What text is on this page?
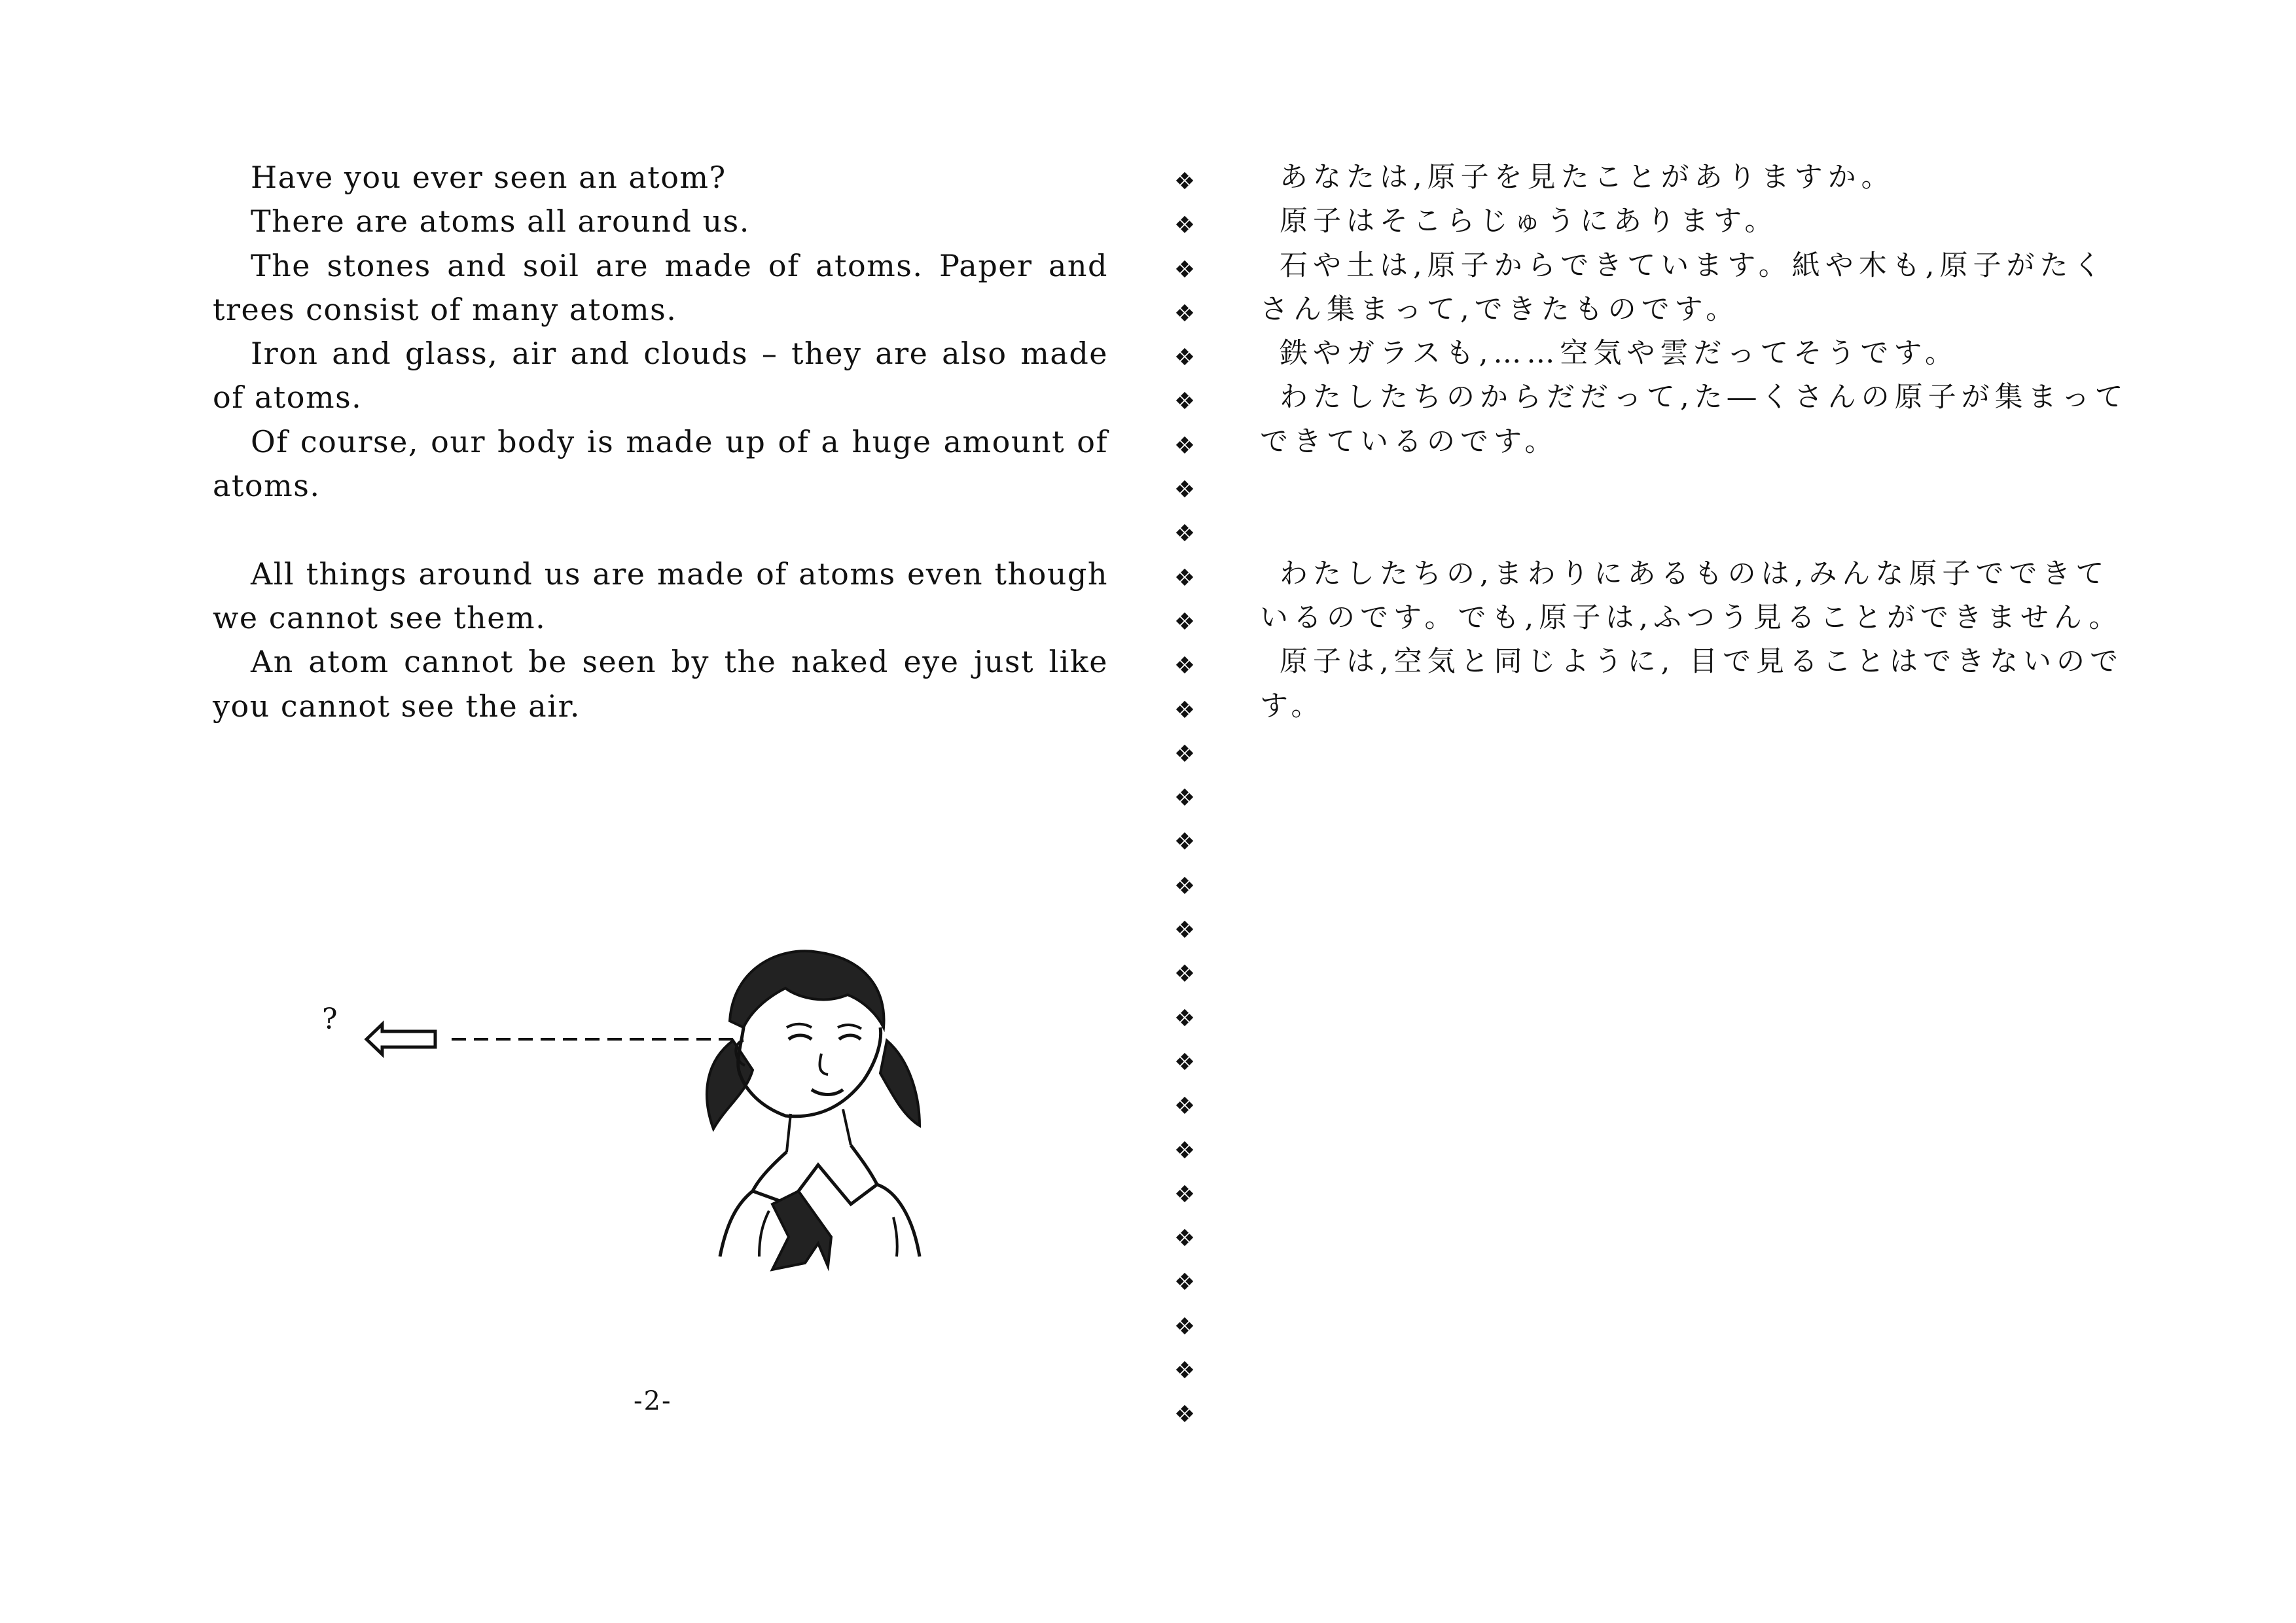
Have you ever seen an atom?

There are atoms all around us.

The stones and soil are made of atoms. Paper and trees consist of many atoms.

Iron and glass, air and clouds – they are also made of atoms.

Of course, our body is made up of a huge amount of atoms.

All things around us are made of atoms even though we cannot see them.

An atom cannot be seen by the naked eye just like you cannot see the air.

❖
❖
❖
❖
❖
❖
❖
❖
❖
❖
❖
❖
❖
❖
❖
❖
❖
❖
❖
❖
❖
❖
❖
❖
❖
❖
❖
❖
❖

あなたは,原子を見たことがありますか。

原子はそこらじゅうにあります。

石や土は,原子からできています。紙や木も,原子がたくさん集まって,できたものです。

鉄やガラスも,……空気や雲だってそうです。

わたしたちのからだだって,た―くさんの原子が集まってできているのです。

わたしたちの,まわりにあるものは,みんな原子でできているのです。でも,原子は,ふつう見ることができません。

原子は,空気と同じように, 目で見ることはできないのです。

?
-2-
